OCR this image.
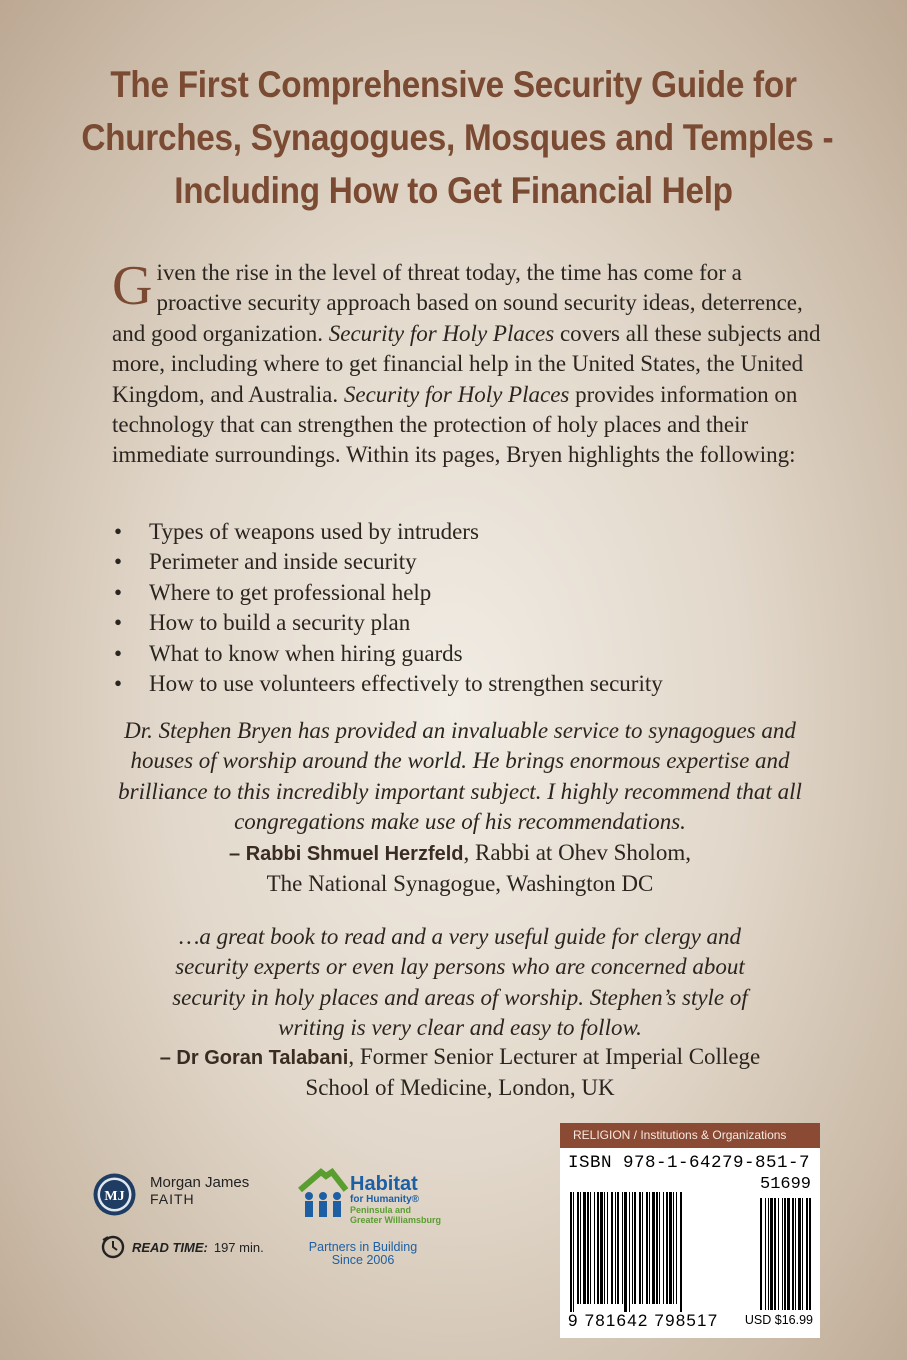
The First Comprehensive Security Guide for
Churches, Synagogues, Mosques and Temples -
Including How to Get Financial Help

Given the rise in the level of threat today, the time has come for a proactive security approach based on sound security ideas, deterrence, and good organization. Security for Holy Places covers all these subjects and more, including where to get financial help in the United States, the United Kingdom, and Australia. Security for Holy Places provides information on technology that can strengthen the protection of holy places and their immediate surroundings. Within its pages, Bryen highlights the following:

• Types of weapons used by intruders
• Perimeter and inside security
• Where to get professional help
• How to build a security plan
• What to know when hiring guards
• How to use volunteers effectively to strengthen security
Dr. Stephen Bryen has provided an invaluable service to synagogues and
houses of worship around the world. He brings enormous expertise and
brilliance to this incredibly important subject. I highly recommend that all
congregations make use of his recommendations.
– Rabbi Shmuel Herzfeld, Rabbi at Ohev Sholom,
The National Synagogue, Washington DC
…a great book to read and a very useful guide for clergy and
security experts or even lay persons who are concerned about
security in holy places and areas of worship. Stephen’s style of
writing is very clear and easy to follow.
– Dr Goran Talabani, Former Senior Lecturer at Imperial College
School of Medicine, London, UK
MJ
Morgan James
FAITH
READ TIME: 197 min.
Habitat
for Humanity®
Peninsula and
Greater Williamsburg
Partners in Building
Since 2006
RELIGION / Institutions & Organizations
ISBN 978-1-64279-851-7
51699
9 781642 798517 USD $16.99
